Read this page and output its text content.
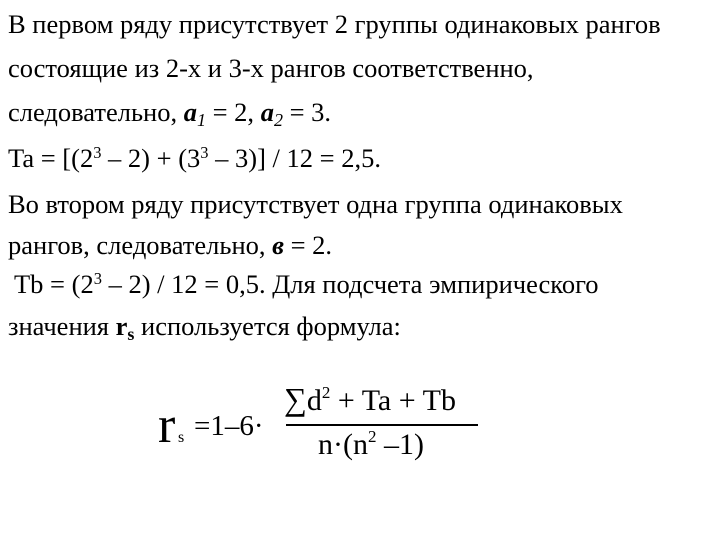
В первом ряду присутствует 2 группы одинаковых рангов
состоящие из 2-х и 3-х рангов соответственно,
следовательно, $а_1 = 2$, $а_2 = 3$.
$Ta = [(2^3 - 2) + (3^3 - 3)] / 12 = 2,5$.
Во втором ряду присутствует одна группа одинаковых
рангов, следовательно, в = 2.
$Tb = (2^3 - 2) / 12 = 0,5$. Для подсчета эмпирического
значения $r_s$ используется формула:
r s =1–6·
$\sum d^2 + Ta + Tb$
$n\cdot(n^2$ –1)
